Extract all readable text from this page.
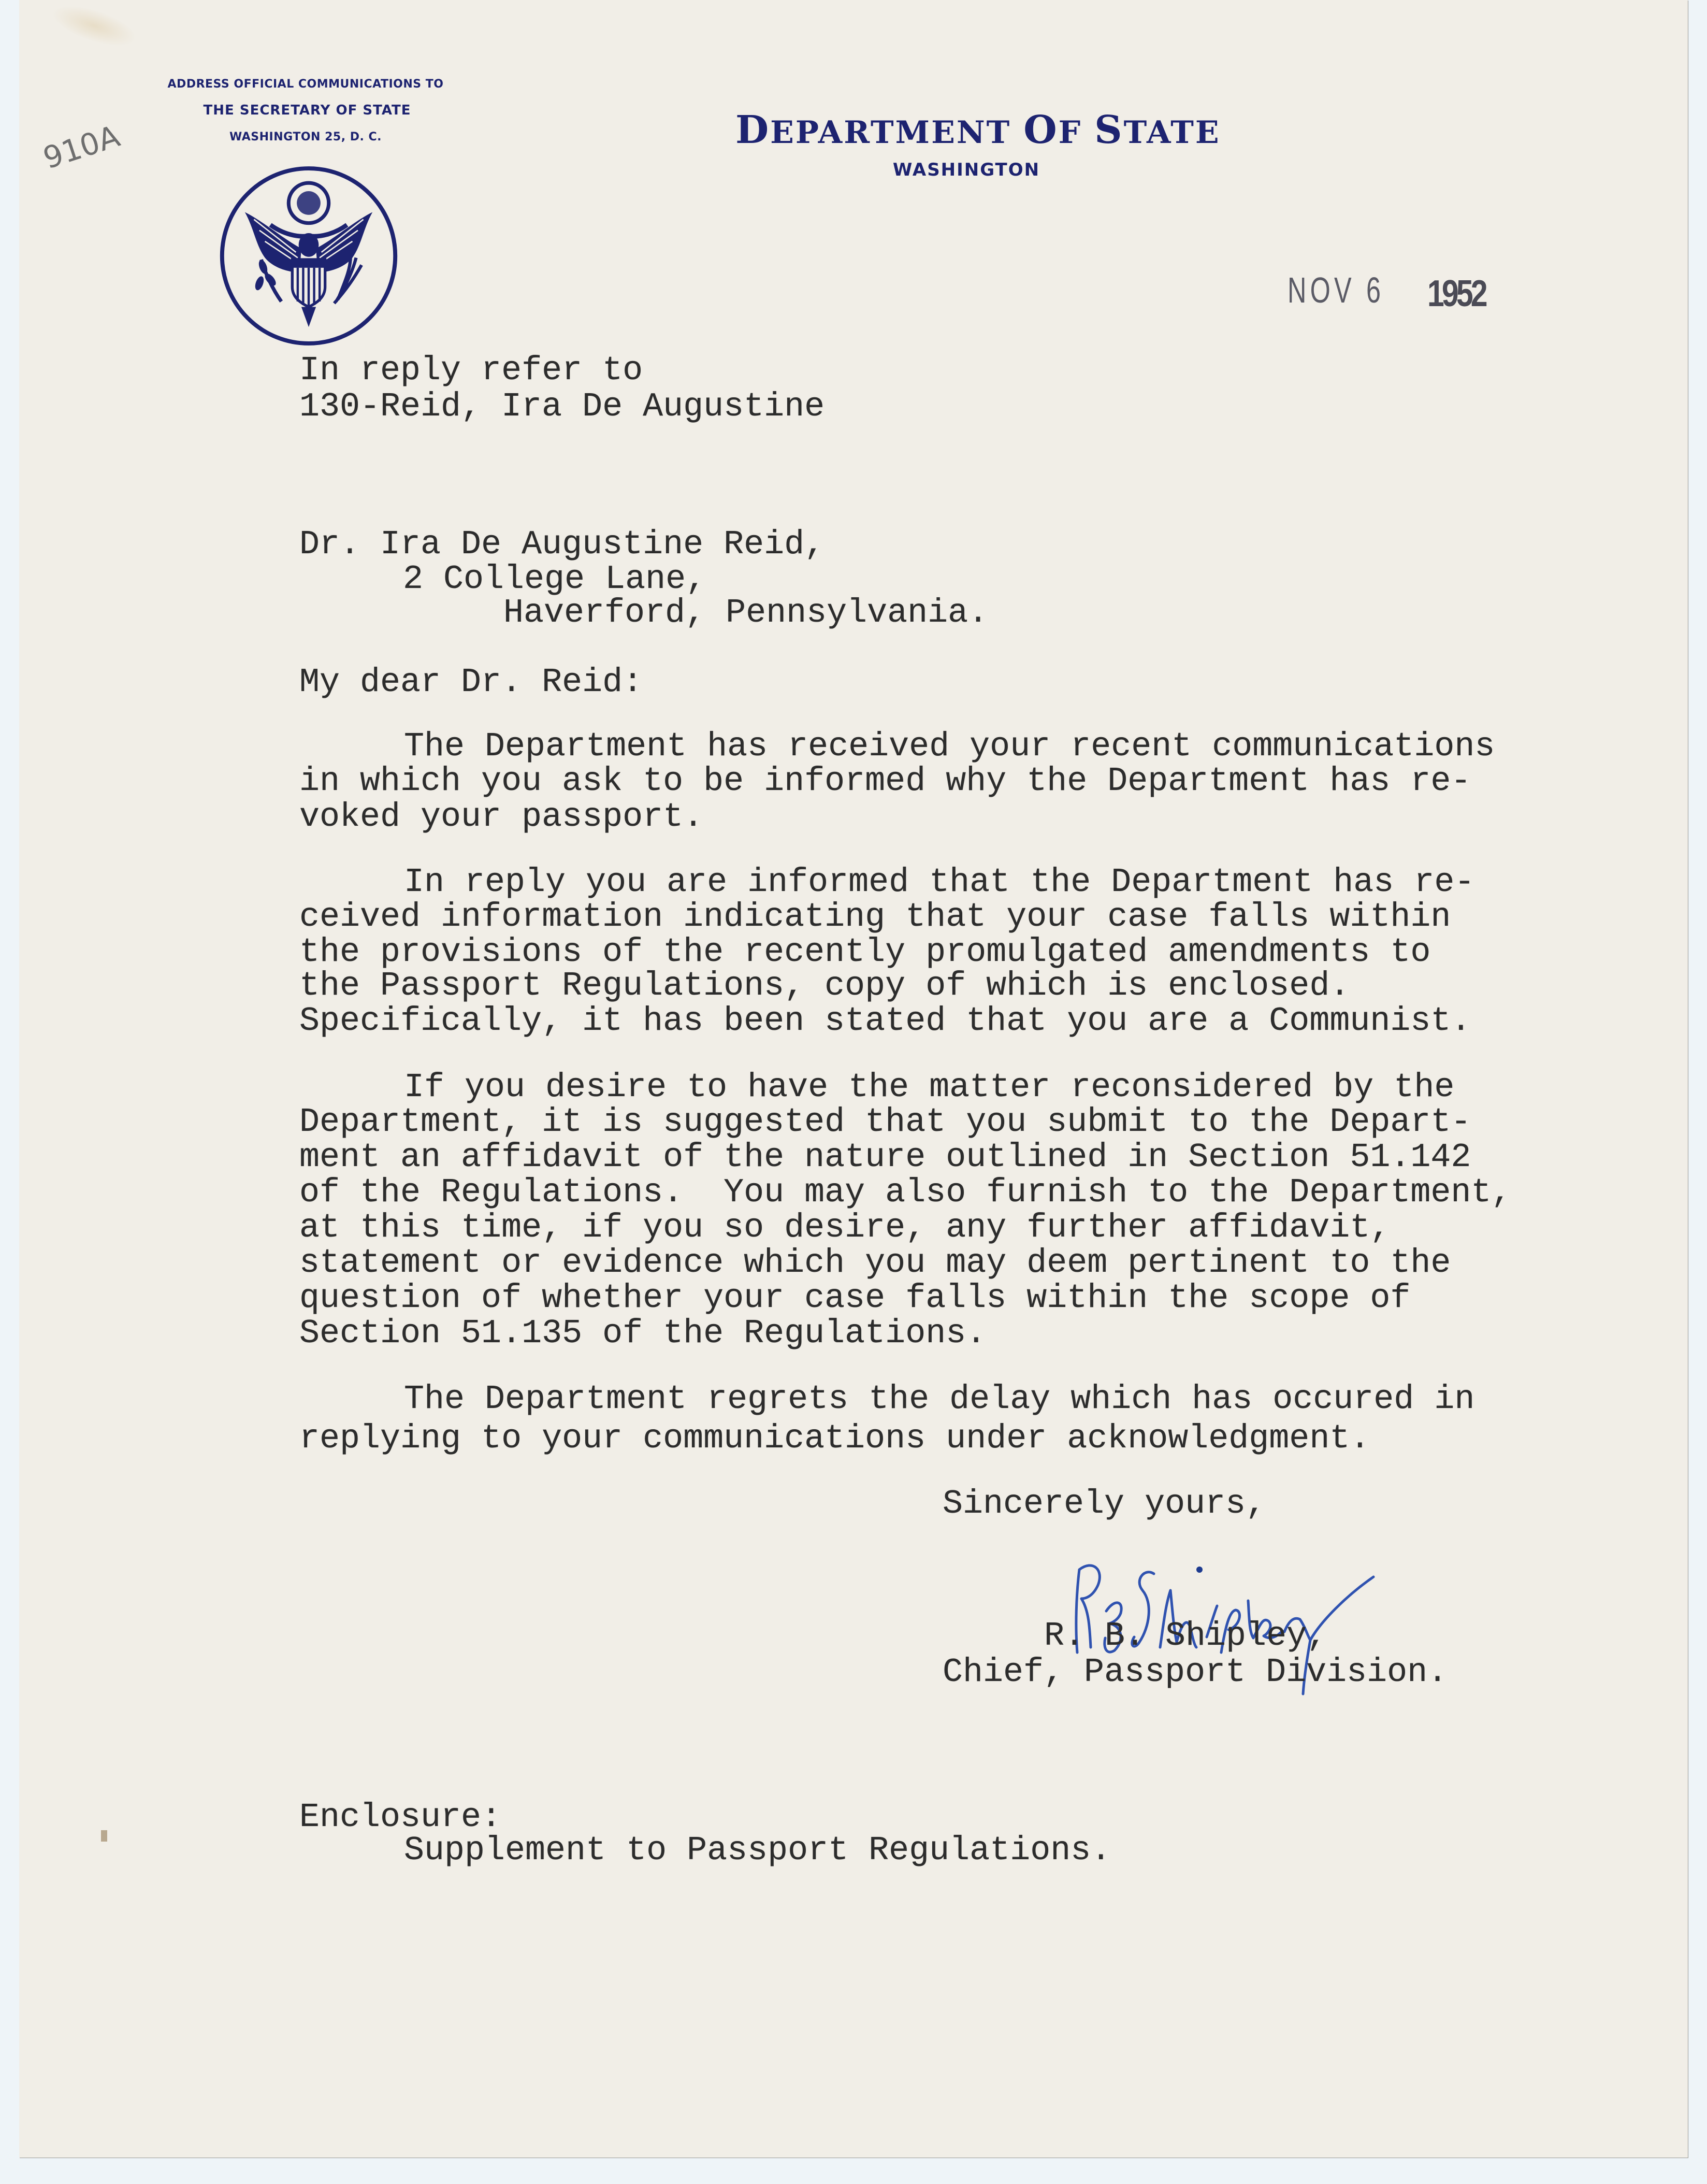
910A
ADDRESS OFFICIAL COMMUNICATIONS TO
THE SECRETARY OF STATE
WASHINGTON 25, D. C.	DEPARTMENT OF STATE
WASHINGTON
NOV 6 1952
In reply refer to
130-Reid, Ira De Augustine
Dr. Ira De Augustine Reid,
2 College Lane,
Haverford, Pennsylvania.
My dear Dr. Reid:
The Department has received your recent communications
in which you ask to be informed why the Department has re-
voked your passport.
In reply you are informed that the Department has re-
ceived information indicating that your case falls within
the provisions of the recently promulgated amendments to
the Passport Regulations, copy of which is enclosed.
Specifically, it has been stated that you are a Communist.
If you desire to have the matter reconsidered by the
Department, it is suggested that you submit to the Depart-
ment an affidavit of the nature outlined in Section 51.142
of the Regulations.  You may also furnish to the Department,
at this time, if you so desire, any further affidavit,
statement or evidence which you may deem pertinent to the
question of whether your case falls within the scope of
Section 51.135 of the Regulations.
The Department regrets the delay which has occured in
replying to your communications under acknowledgment.
Sincerely yours,
R. B. Shipley,
Chief, Passport Division.
Enclosure:
Supplement to Passport Regulations.
